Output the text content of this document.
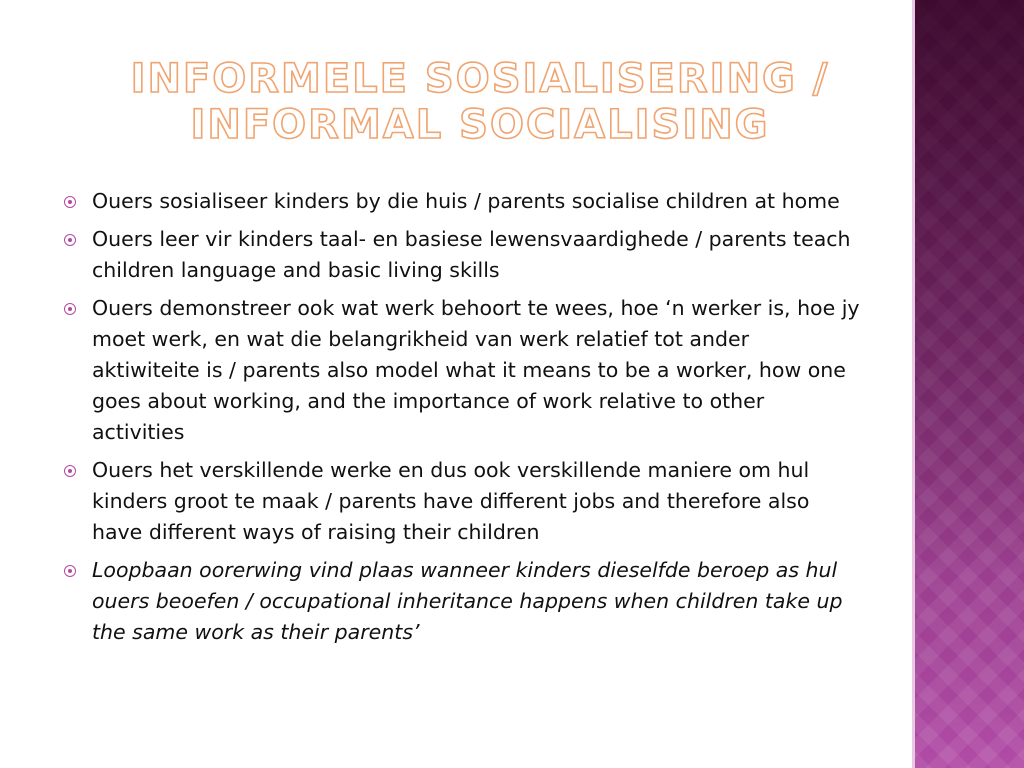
INFORMELE SOSIALISERING /
INFORMAL SOCIALISING
Ouers sosialiseer kinders by die huis / parents socialise children at home
Ouers leer vir kinders taal- en basiese lewensvaardighede / parents teach children language and basic living skills
Ouers demonstreer ook wat werk behoort te wees, hoe ‘n werker is, hoe jy moet werk, en wat die belangrikheid van werk relatief tot ander aktiwiteite is / parents also model what it means to be a worker, how one goes about working, and the importance of work relative to other activities
Ouers het verskillende werke en dus ook verskillende maniere om hul kinders groot te maak / parents have different jobs and therefore also have different ways of raising their children
Loopbaan oorerwing vind plaas wanneer kinders dieselfde beroep as hul ouers beoefen / occupational inheritance happens when children take up the same work as their parents’
